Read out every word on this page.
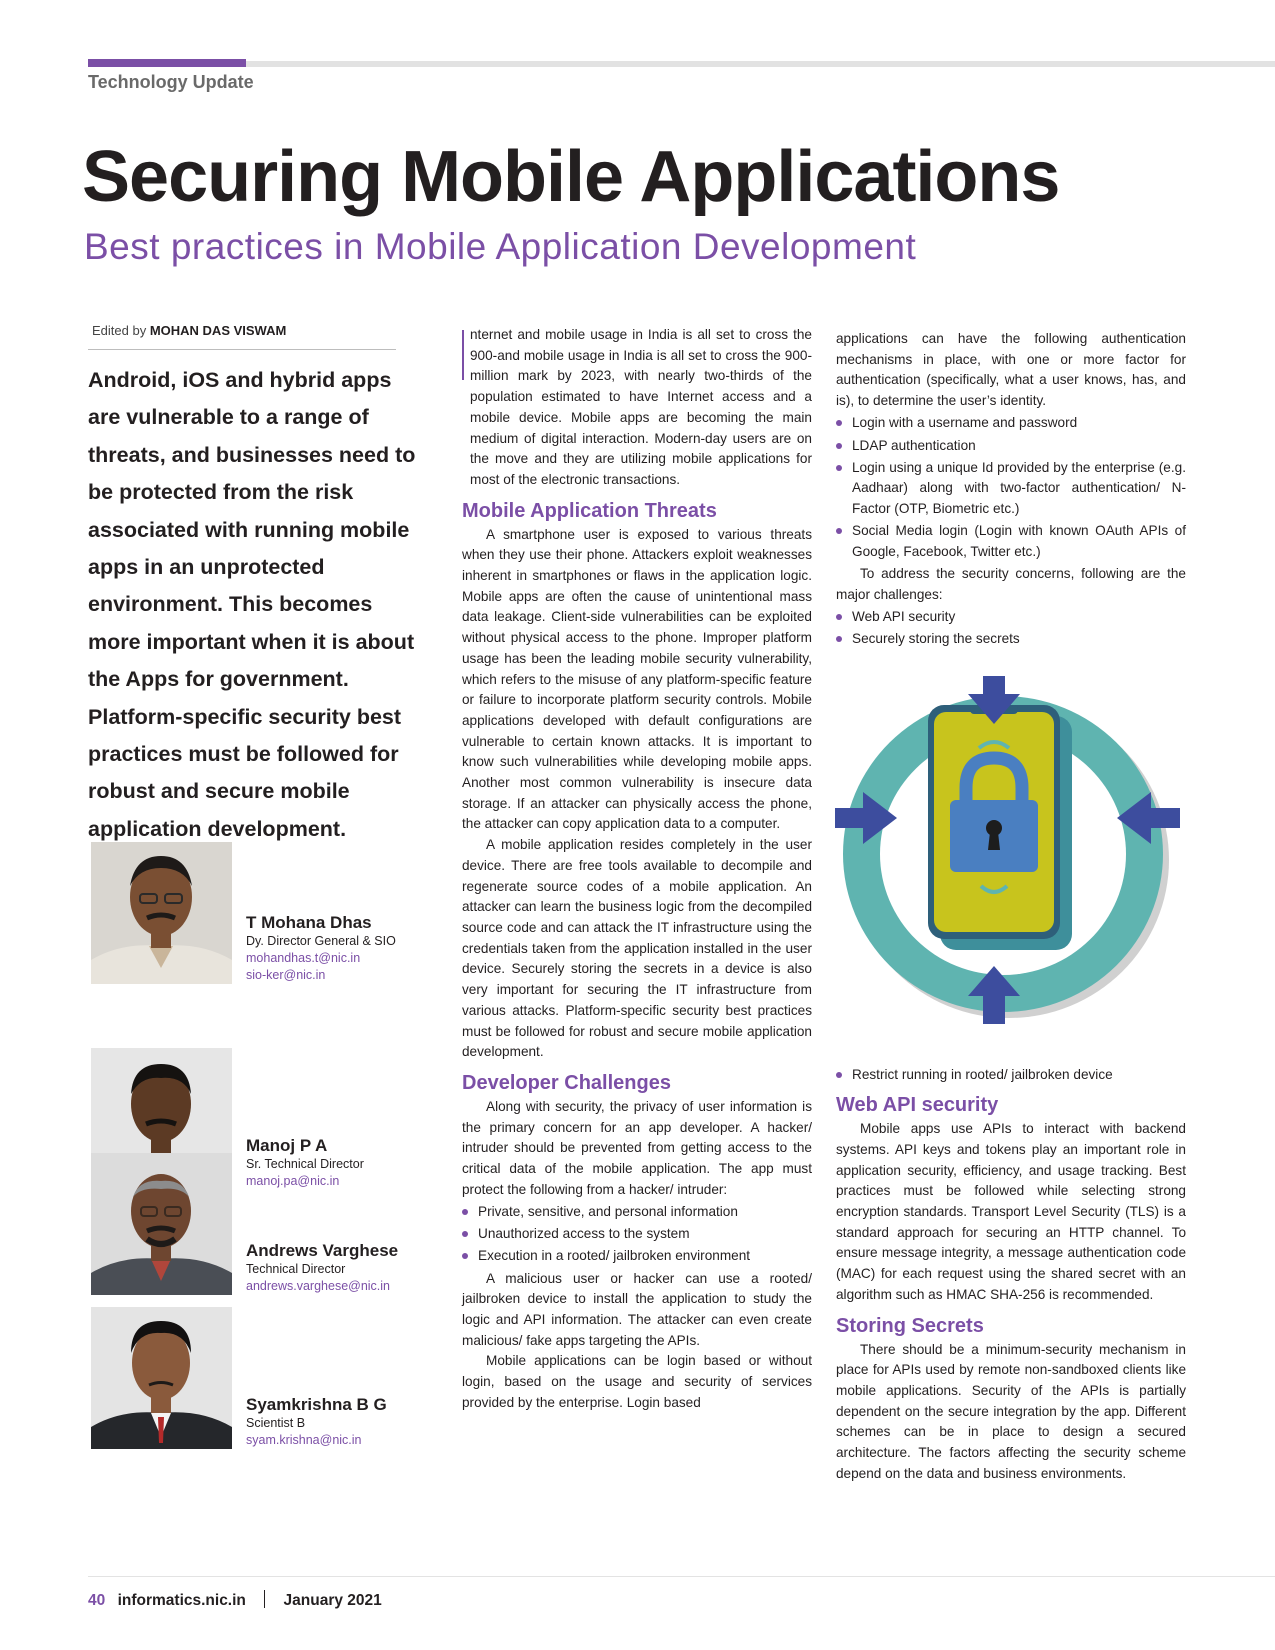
Technology Update
Securing Mobile Applications
Best practices in Mobile Application Development
Edited by MOHAN DAS VISWAM
Android, iOS and hybrid apps are vulnerable to a range of threats, and businesses need to be protected from the risk associated with running mobile apps in an unprotected environment. This becomes more important when it is about the Apps for government. Platform-specific security best practices must be followed for robust and secure mobile application development.
T Mohana Dhas
Dy. Director General & SIO
mohandhas.t@nic.in
sio-ker@nic.in
Manoj P A
Sr. Technical Director
manoj.pa@nic.in
Andrews Varghese
Technical Director
andrews.varghese@nic.in
Syamkrishna B G
Scientist B
syam.krishna@nic.in

nternet and mobile usage in India is all set to cross the 900-and mobile usage in India is all set to cross the 900-million mark by 2023, with nearly two-thirds of the population estimated to have Internet access and a mobile device. Mobile apps are becoming the main medium of digital interaction. Modern-day users are on the move and they are utilizing mobile applications for most of the electronic transactions.

Mobile Application Threats

A smartphone user is exposed to various threats when they use their phone. Attackers exploit weaknesses inherent in smartphones or flaws in the application logic. Mobile apps are often the cause of unintentional mass data leakage. Client-side vulnerabilities can be exploited without physical access to the phone. Improper platform usage has been the leading mobile security vulnerability, which refers to the misuse of any platform-specific feature or failure to incorporate platform security controls. Mobile applications developed with default configurations are vulnerable to certain known attacks. It is important to know such vulnerabilities while developing mobile apps. Another most common vulnerability is insecure data storage. If an attacker can physically access the phone, the attacker can copy application data to a computer.

A mobile application resides completely in the user device. There are free tools available to decompile and regenerate source codes of a mobile application. An attacker can learn the business logic from the decompiled source code and can attack the IT infrastructure using the credentials taken from the application installed in the user device. Securely storing the secrets in a device is also very important for securing the IT infrastructure from various attacks. Platform-specific security best practices must be followed for robust and secure mobile application development.

Developer Challenges

Along with security, the privacy of user information is the primary concern for an app developer. A hacker/ intruder should be prevented from getting access to the critical data of the mobile application. The app must protect the following from a hacker/ intruder:

Private, sensitive, and personal information
Unauthorized access to the system
Execution in a rooted/ jailbroken environment

A malicious user or hacker can use a rooted/ jailbroken device to install the application to study the logic and API information. The attacker can even create malicious/ fake apps targeting the APIs.

Mobile applications can be login based or without login, based on the usage and security of services provided by the enterprise. Login based

applications can have the following authentication mechanisms in place, with one or more factor for authentication (specifically, what a user knows, has, and is), to determine the user’s identity.

Login with a username and password
LDAP authentication
Login using a unique Id provided by the enterprise (e.g. Aadhaar) along with two-factor authentication/ N- Factor (OTP, Biometric etc.)
Social Media login (Login with known OAuth APIs of Google, Facebook, Twitter etc.)

To address the security concerns, following are the major challenges:

Web API security
Securely storing the secrets
Restrict running in rooted/ jailbroken device
Web API security

Mobile apps use APIs to interact with backend systems. API keys and tokens play an important role in application security, efficiency, and usage tracking. Best practices must be followed while selecting strong encryption standards. Transport Level Security (TLS) is a standard approach for securing an HTTP channel. To ensure message integrity, a message authentication code (MAC) for each request using the shared secret with an algorithm such as HMAC SHA-256 is recommended.

Storing Secrets

There should be a minimum-security mechanism in place for APIs used by remote non-sandboxed clients like mobile applications. Security of the APIs is partially dependent on the secure integration by the app. Different schemes can be in place to design a secured architecture. The factors affecting the security scheme depend on the data and business environments.

40 informatics.nic.in January 2021
